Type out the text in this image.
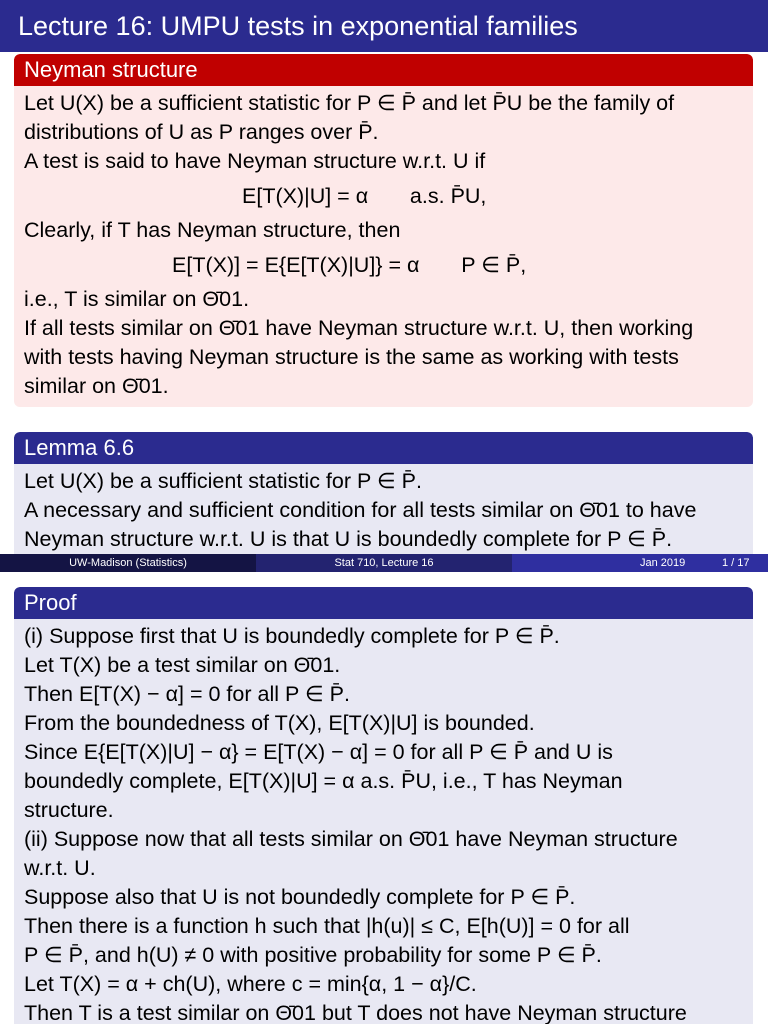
Lecture 16: UMPU tests in exponential families
Neyman structure
Let U(X) be a sufficient statistic for P ∈ P̄ and let P̄U be the family of
distributions of U as P ranges over P̄.
A test is said to have Neyman structure w.r.t. U if
E[T(X)|U] = α       a.s. P̄U,
Clearly, if T has Neyman structure, then
E[T(X)] = E{E[T(X)|U]} = α       P ∈ P̄,
i.e., T is similar on Θ̄01.
If all tests similar on Θ̄01 have Neyman structure w.r.t. U, then working
with tests having Neyman structure is the same as working with tests
similar on Θ̄01.
Lemma 6.6
Let U(X) be a sufficient statistic for P ∈ P̄.
A necessary and sufficient condition for all tests similar on Θ̄01 to have
Neyman structure w.r.t. U is that U is boundedly complete for P ∈ P̄.
UW-Madison (Statistics)	Stat 710, Lecture 16	Jan 2019	1 / 17
Proof
(i) Suppose first that U is boundedly complete for P ∈ P̄.
Let T(X) be a test similar on Θ̄01.
Then E[T(X) − α] = 0 for all P ∈ P̄.
From the boundedness of T(X), E[T(X)|U] is bounded.
Since E{E[T(X)|U] − α} = E[T(X) − α] = 0 for all P ∈ P̄ and U is
boundedly complete, E[T(X)|U] = α a.s. P̄U, i.e., T has Neyman
structure.
(ii) Suppose now that all tests similar on Θ̄01 have Neyman structure
w.r.t. U.
Suppose also that U is not boundedly complete for P ∈ P̄.
Then there is a function h such that |h(u)| ≤ C, E[h(U)] = 0 for all
P ∈ P̄, and h(U) ≠ 0 with positive probability for some P ∈ P̄.
Let T(X) = α + ch(U), where c = min{α, 1 − α}/C.
Then T is a test similar on Θ̄01 but T does not have Neyman structure
